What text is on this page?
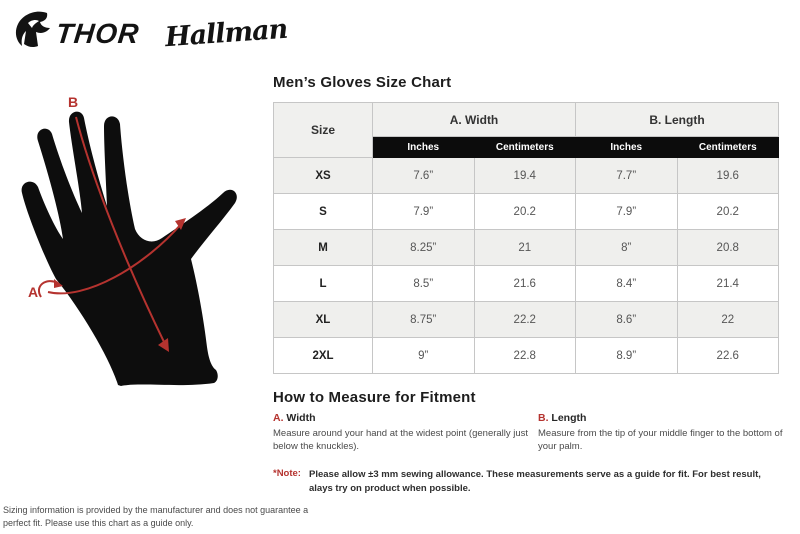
THOR Hallman
B
A
Men’s Gloves Size Chart
Size	A. Width		B. Length	
	Inches	Centimeters	Inches	Centimeters
XS	7.6”	19.4	7.7”	19.6
S	7.9”	20.2	7.9”	20.2
M	8.25”	21	8”	20.8
L	8.5”	21.6	8.4”	21.4
XL	8.75”	22.2	8.6”	22
2XL	9”	22.8	8.9”	22.6
How to Measure for Fitment
A. Width
Measure around your hand at the widest point (generally just below the knuckles).
B. Length
Measure from the tip of your middle finger to the bottom of your palm.
*Note: Please allow ±3 mm sewing allowance. These measurements serve as a guide for fit. For best result, alays try on product when possible.
Sizing information is provided by the manufacturer and does not guarantee a perfect fit. Please use this chart as a guide only.
